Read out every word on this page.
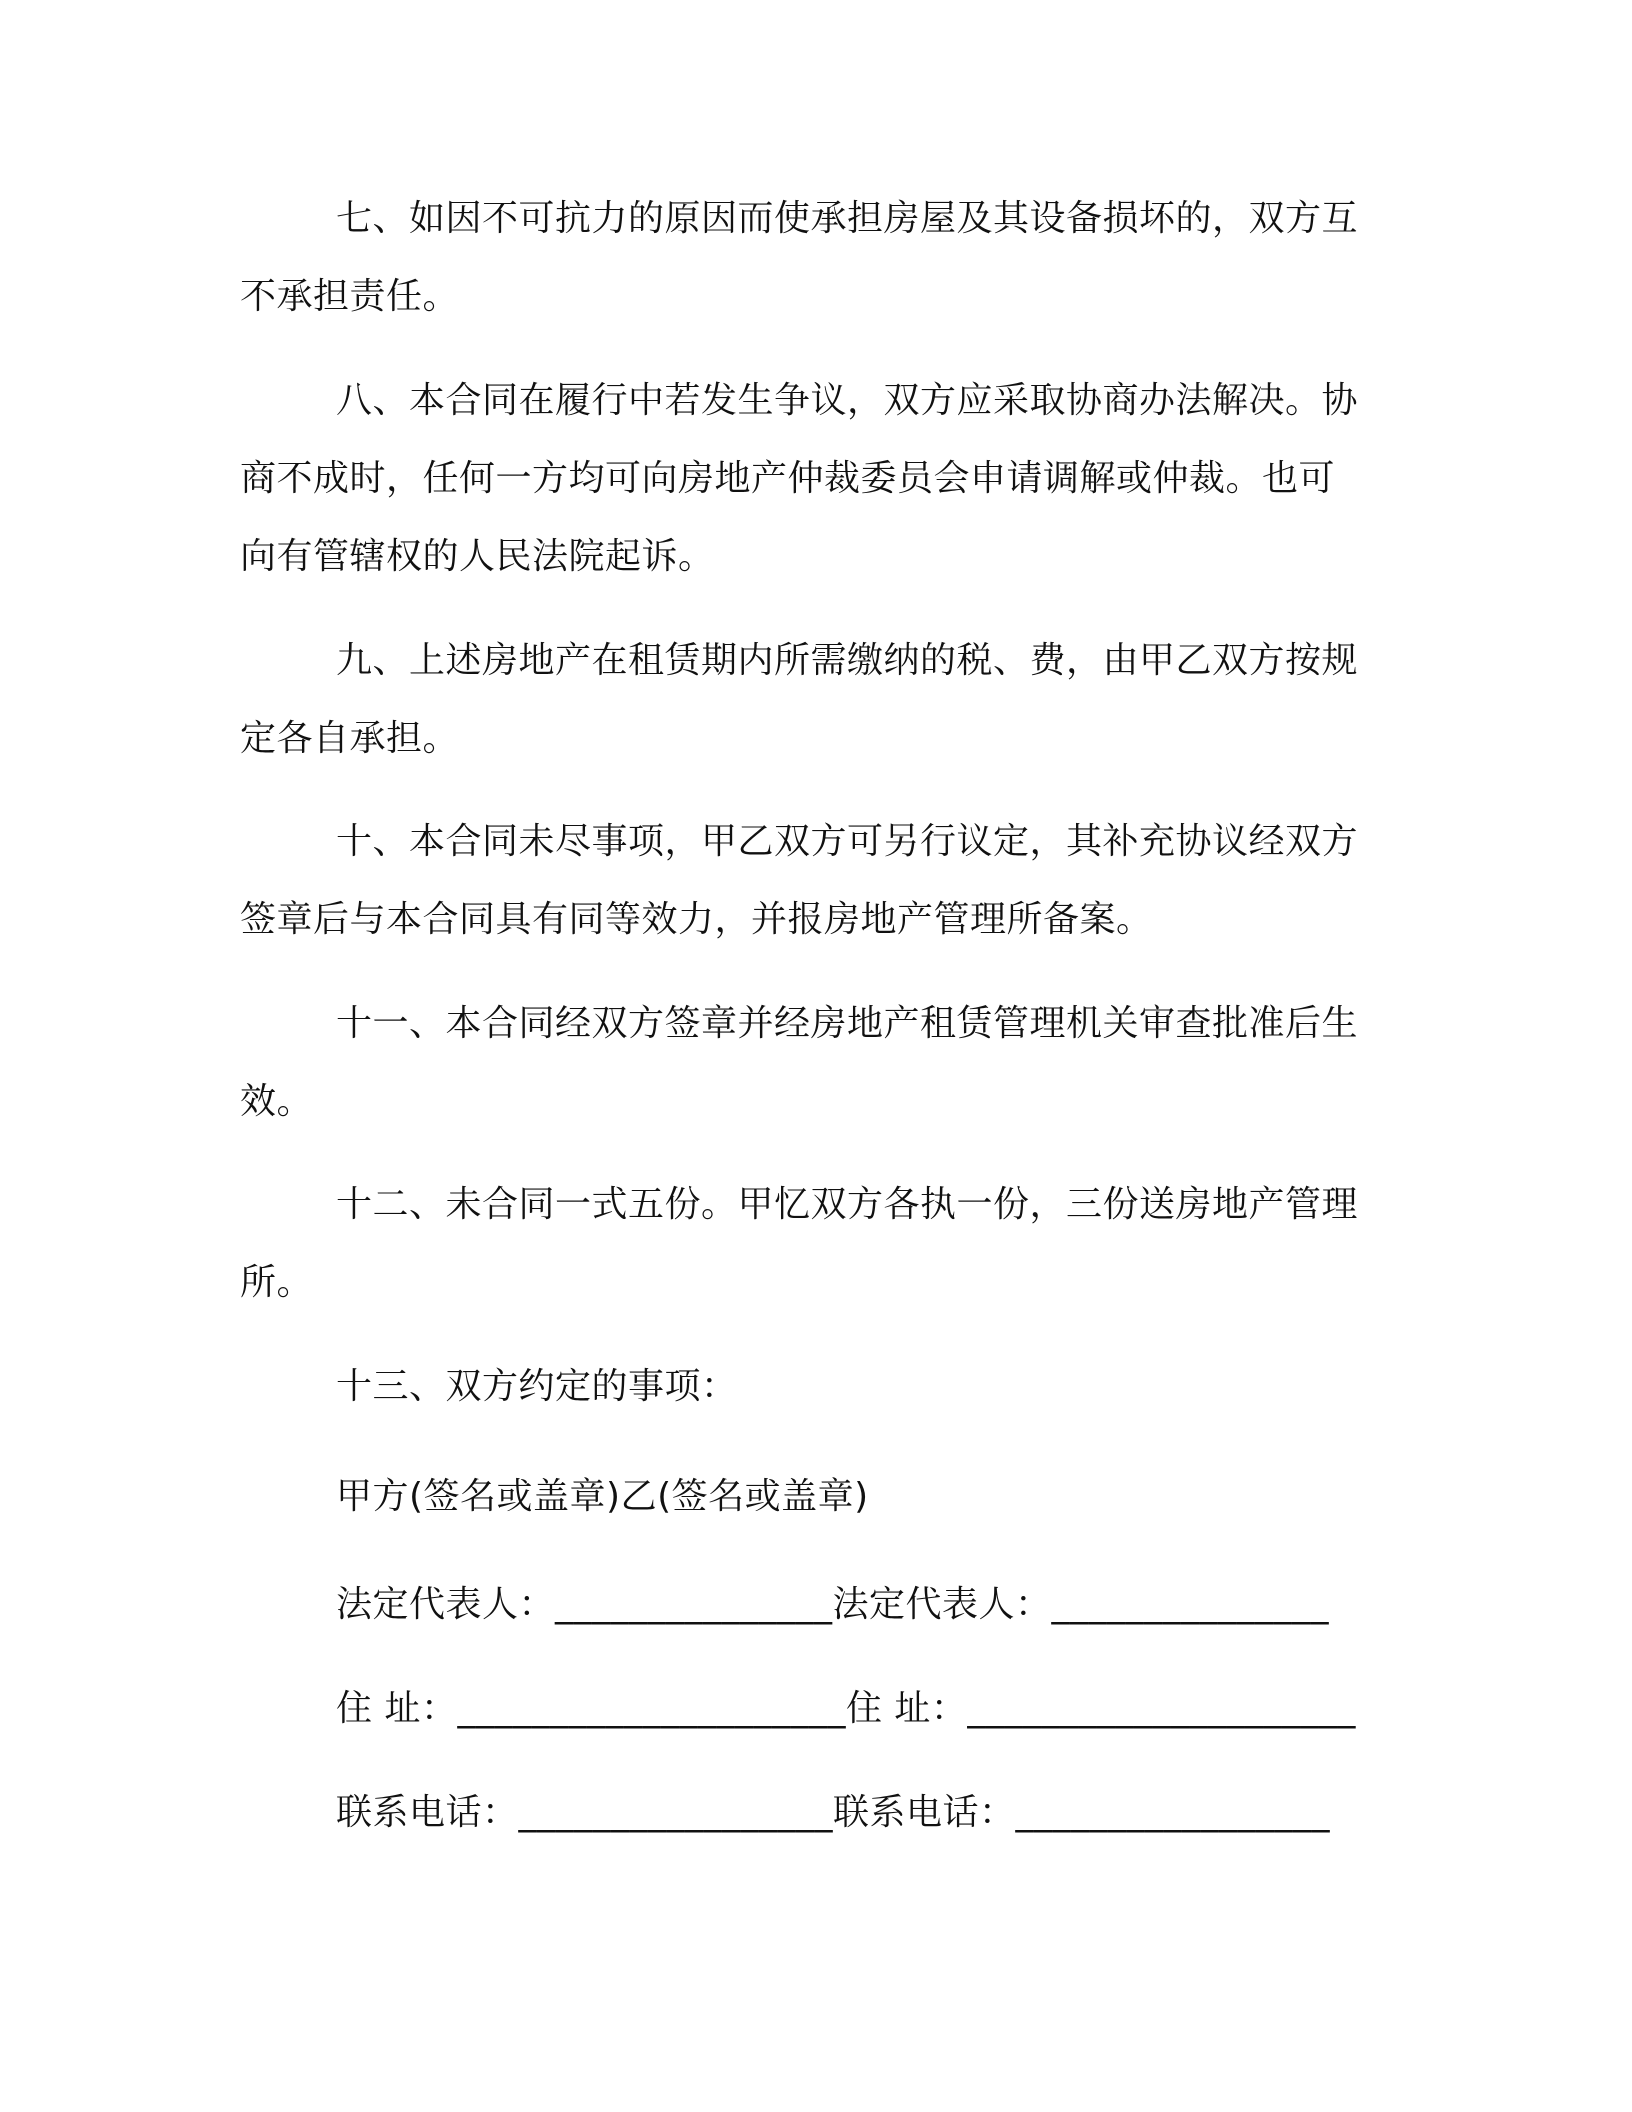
七、如因不可抗力的原因而使承担房屋及其设备损坏的，双方互不承担责任。

八、本合同在履行中若发生争议，双方应采取协商办法解决。协商不成时，任何一方均可向房地产仲裁委员会申请调解或仲裁。也可向有管辖权的人民法院起诉。

九、上述房地产在租赁期内所需缴纳的税、费，由甲乙双方按规定各自承担。

十、本合同未尽事项，甲乙双方可另行议定，其补充协议经双方签章后与本合同具有同等效力，并报房地产管理所备案。

十一、本合同经双方签章并经房地产租赁管理机关审查批准后生效。

十二、未合同一式五份。甲忆双方各执一份，三份送房地产管理所。

十三、双方约定的事项：

甲方(签名或盖章)乙(签名或盖章)

法定代表人：_______________法定代表人：_______________

住 址：_____________________住 址：_____________________

联系电话：_________________联系电话：_________________
